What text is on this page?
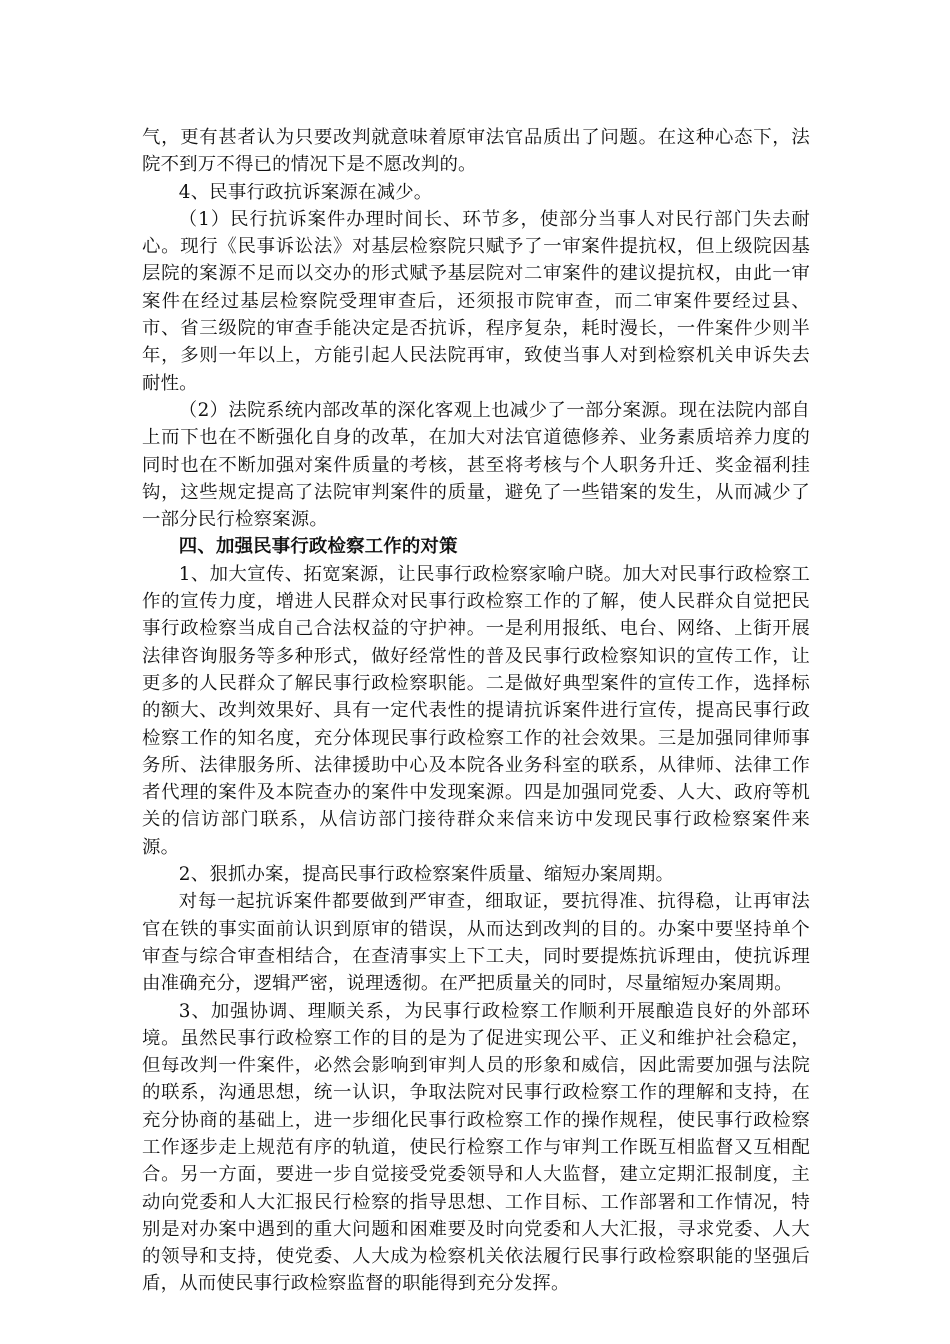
气，更有甚者认为只要改判就意味着原审法官品质出了问题。在这种心态下，法院不到万不得已的情况下是不愿改判的。

4、民事行政抗诉案源在减少。

（1）民行抗诉案件办理时间长、环节多，使部分当事人对民行部门失去耐心。现行《民事诉讼法》对基层检察院只赋予了一审案件提抗权，但上级院因基层院的案源不足而以交办的形式赋予基层院对二审案件的建议提抗权，由此一审案件在经过基层检察院受理审查后，还须报市院审查，而二审案件要经过县、市、省三级院的审查手能决定是否抗诉，程序复杂，耗时漫长，一件案件少则半年，多则一年以上，方能引起人民法院再审，致使当事人对到检察机关申诉失去耐性。

（2）法院系统内部改革的深化客观上也减少了一部分案源。现在法院内部自上而下也在不断强化自身的改革，在加大对法官道德修养、业务素质培养力度的同时也在不断加强对案件质量的考核，甚至将考核与个人职务升迁、奖金福利挂钩，这些规定提高了法院审判案件的质量，避免了一些错案的发生，从而减少了一部分民行检察案源。

四、加强民事行政检察工作的对策

1、加大宣传、拓宽案源，让民事行政检察家喻户晓。加大对民事行政检察工作的宣传力度，增进人民群众对民事行政检察工作的了解，使人民群众自觉把民事行政检察当成自己合法权益的守护神。一是利用报纸、电台、网络、上街开展法律咨询服务等多种形式，做好经常性的普及民事行政检察知识的宣传工作，让更多的人民群众了解民事行政检察职能。二是做好典型案件的宣传工作，选择标的额大、改判效果好、具有一定代表性的提请抗诉案件进行宣传，提高民事行政检察工作的知名度，充分体现民事行政检察工作的社会效果。三是加强同律师事务所、法律服务所、法律援助中心及本院各业务科室的联系，从律师、法律工作者代理的案件及本院查办的案件中发现案源。四是加强同党委、人大、政府等机关的信访部门联系，从信访部门接待群众来信来访中发现民事行政检察案件来源。

2、狠抓办案，提高民事行政检察案件质量、缩短办案周期。

对每一起抗诉案件都要做到严审查，细取证，要抗得准、抗得稳，让再审法官在铁的事实面前认识到原审的错误，从而达到改判的目的。办案中要坚持单个审查与综合审查相结合，在查清事实上下工夫，同时要提炼抗诉理由，使抗诉理由准确充分，逻辑严密，说理透彻。在严把质量关的同时，尽量缩短办案周期。

3、加强协调、理顺关系，为民事行政检察工作顺利开展酿造良好的外部环境。虽然民事行政检察工作的目的是为了促进实现公平、正义和维护社会稳定，但每改判一件案件，必然会影响到审判人员的形象和威信，因此需要加强与法院的联系，沟通思想，统一认识，争取法院对民事行政检察工作的理解和支持，在充分协商的基础上，进一步细化民事行政检察工作的操作规程，使民事行政检察工作逐步走上规范有序的轨道，使民行检察工作与审判工作既互相监督又互相配合。另一方面，要进一步自觉接受党委领导和人大监督，建立定期汇报制度，主动向党委和人大汇报民行检察的指导思想、工作目标、工作部署和工作情况，特别是对办案中遇到的重大问题和困难要及时向党委和人大汇报，寻求党委、人大的领导和支持，使党委、人大成为检察机关依法履行民事行政检察职能的坚强后盾，从而使民事行政检察监督的职能得到充分发挥。
